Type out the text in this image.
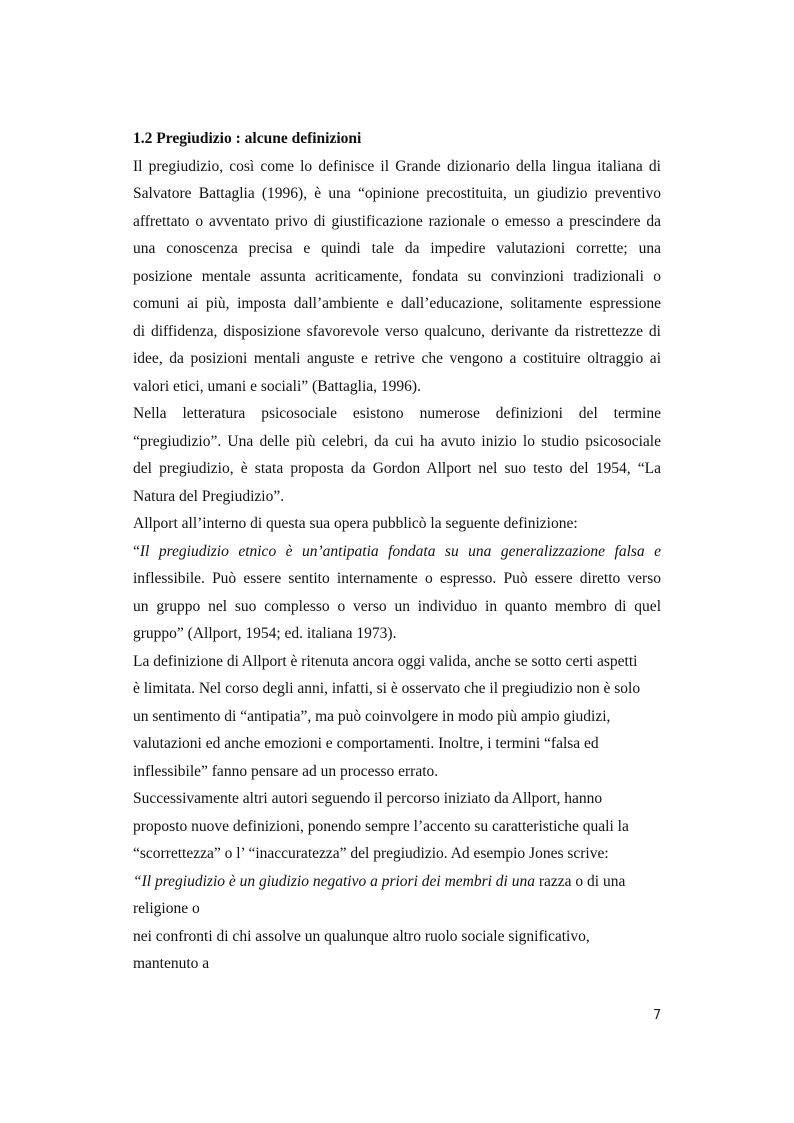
1.2 Pregiudizio : alcune definizioni

Il pregiudizio, così come lo definisce il Grande dizionario della lingua italiana di

Salvatore Battaglia (1996), è una “opinione precostituita, un giudizio preventivo

affrettato o avventato privo di giustificazione razionale o emesso a prescindere da

una conoscenza precisa e quindi tale da impedire valutazioni corrette; una

posizione mentale assunta acriticamente, fondata su convinzioni tradizionali o

comuni ai più, imposta dall’ambiente e dall’educazione, solitamente espressione

di diffidenza, disposizione sfavorevole verso qualcuno, derivante da ristrettezze di

idee, da posizioni mentali anguste e retrive che vengono a costituire oltraggio ai

valori etici, umani e sociali” (Battaglia, 1996).

Nella letteratura psicosociale esistono numerose definizioni del termine

“pregiudizio”. Una delle più celebri, da cui ha avuto inizio lo studio psicosociale

del pregiudizio, è stata proposta da Gordon Allport nel suo testo del 1954, “La

Natura del Pregiudizio”.

Allport all’interno di questa sua opera pubblicò la seguente definizione:

“Il pregiudizio etnico è un’antipatia fondata su una generalizzazione falsa e

inflessibile. Può essere sentito internamente o espresso. Può essere diretto verso

un gruppo nel suo complesso o verso un individuo in quanto membro di quel

gruppo” (Allport, 1954; ed. italiana 1973).

La definizione di Allport è ritenuta ancora oggi valida, anche se sotto certi aspetti

è limitata. Nel corso degli anni, infatti, si è osservato che il pregiudizio non è solo

un sentimento di “antipatia”, ma può coinvolgere in modo più ampio giudizi,

valutazioni ed anche emozioni e comportamenti. Inoltre, i termini “falsa ed

inflessibile” fanno pensare ad un processo errato.

Successivamente altri autori seguendo il percorso iniziato da Allport, hanno

proposto nuove definizioni, ponendo sempre l’accento su caratteristiche quali la

“scorrettezza” o l’ “inaccuratezza” del pregiudizio. Ad esempio Jones scrive:

“Il pregiudizio è un giudizio negativo a priori dei membri di una razza o di una

religione o

nei confronti di chi assolve un qualunque altro ruolo sociale significativo,

mantenuto a

7
